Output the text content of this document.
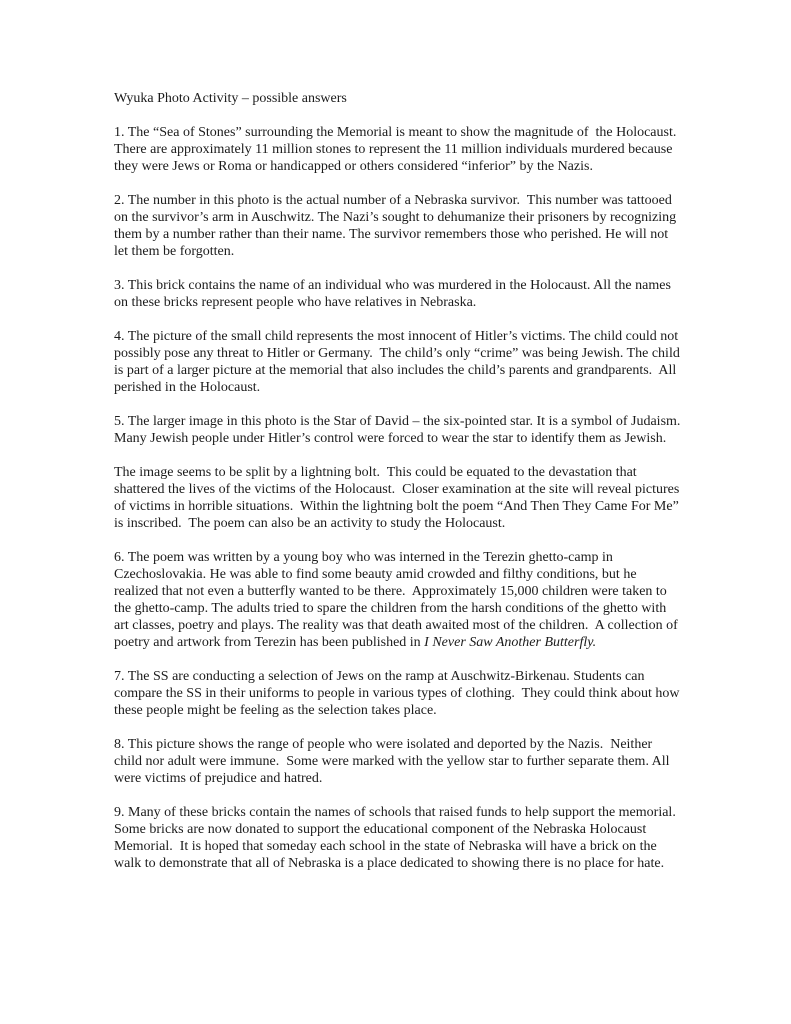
Wyuka Photo Activity – possible answers

1. The “Sea of Stones” surrounding the Memorial is meant to show the magnitude of  the Holocaust. There are approximately 11 million stones to represent the 11 million individuals murdered because they were Jews or Roma or handicapped or others considered “inferior” by the Nazis.

2. The number in this photo is the actual number of a Nebraska survivor.  This number was tattooed on the survivor’s arm in Auschwitz. The Nazi’s sought to dehumanize their prisoners by recognizing them by a number rather than their name. The survivor remembers those who perished. He will not let them be forgotten.

3. This brick contains the name of an individual who was murdered in the Holocaust. All the names on these bricks represent people who have relatives in Nebraska.

4. The picture of the small child represents the most innocent of Hitler’s victims. The child could not possibly pose any threat to Hitler or Germany.  The child’s only “crime” was being Jewish. The child is part of a larger picture at the memorial that also includes the child’s parents and grandparents.  All perished in the Holocaust.

5. The larger image in this photo is the Star of David – the six-pointed star. It is a symbol of Judaism. Many Jewish people under Hitler’s control were forced to wear the star to identify them as Jewish.

The image seems to be split by a lightning bolt.  This could be equated to the devastation that shattered the lives of the victims of the Holocaust.  Closer examination at the site will reveal pictures of victims in horrible situations.  Within the lightning bolt the poem “And Then They Came For Me” is inscribed.  The poem can also be an activity to study the Holocaust.

6. The poem was written by a young boy who was interned in the Terezin ghetto-camp in Czechoslovakia. He was able to find some beauty amid crowded and filthy conditions, but he realized that not even a butterfly wanted to be there.  Approximately 15,000 children were taken to the ghetto-camp. The adults tried to spare the children from the harsh conditions of the ghetto with art classes, poetry and plays. The reality was that death awaited most of the children.  A collection of poetry and artwork from Terezin has been published in I Never Saw Another Butterfly.

7. The SS are conducting a selection of Jews on the ramp at Auschwitz-Birkenau. Students can compare the SS in their uniforms to people in various types of clothing.  They could think about how these people might be feeling as the selection takes place.

8. This picture shows the range of people who were isolated and deported by the Nazis.  Neither child nor adult were immune.  Some were marked with the yellow star to further separate them. All were victims of prejudice and hatred.

9. Many of these bricks contain the names of schools that raised funds to help support the memorial. Some bricks are now donated to support the educational component of the Nebraska Holocaust Memorial.  It is hoped that someday each school in the state of Nebraska will have a brick on the walk to demonstrate that all of Nebraska is a place dedicated to showing there is no place for hate.
